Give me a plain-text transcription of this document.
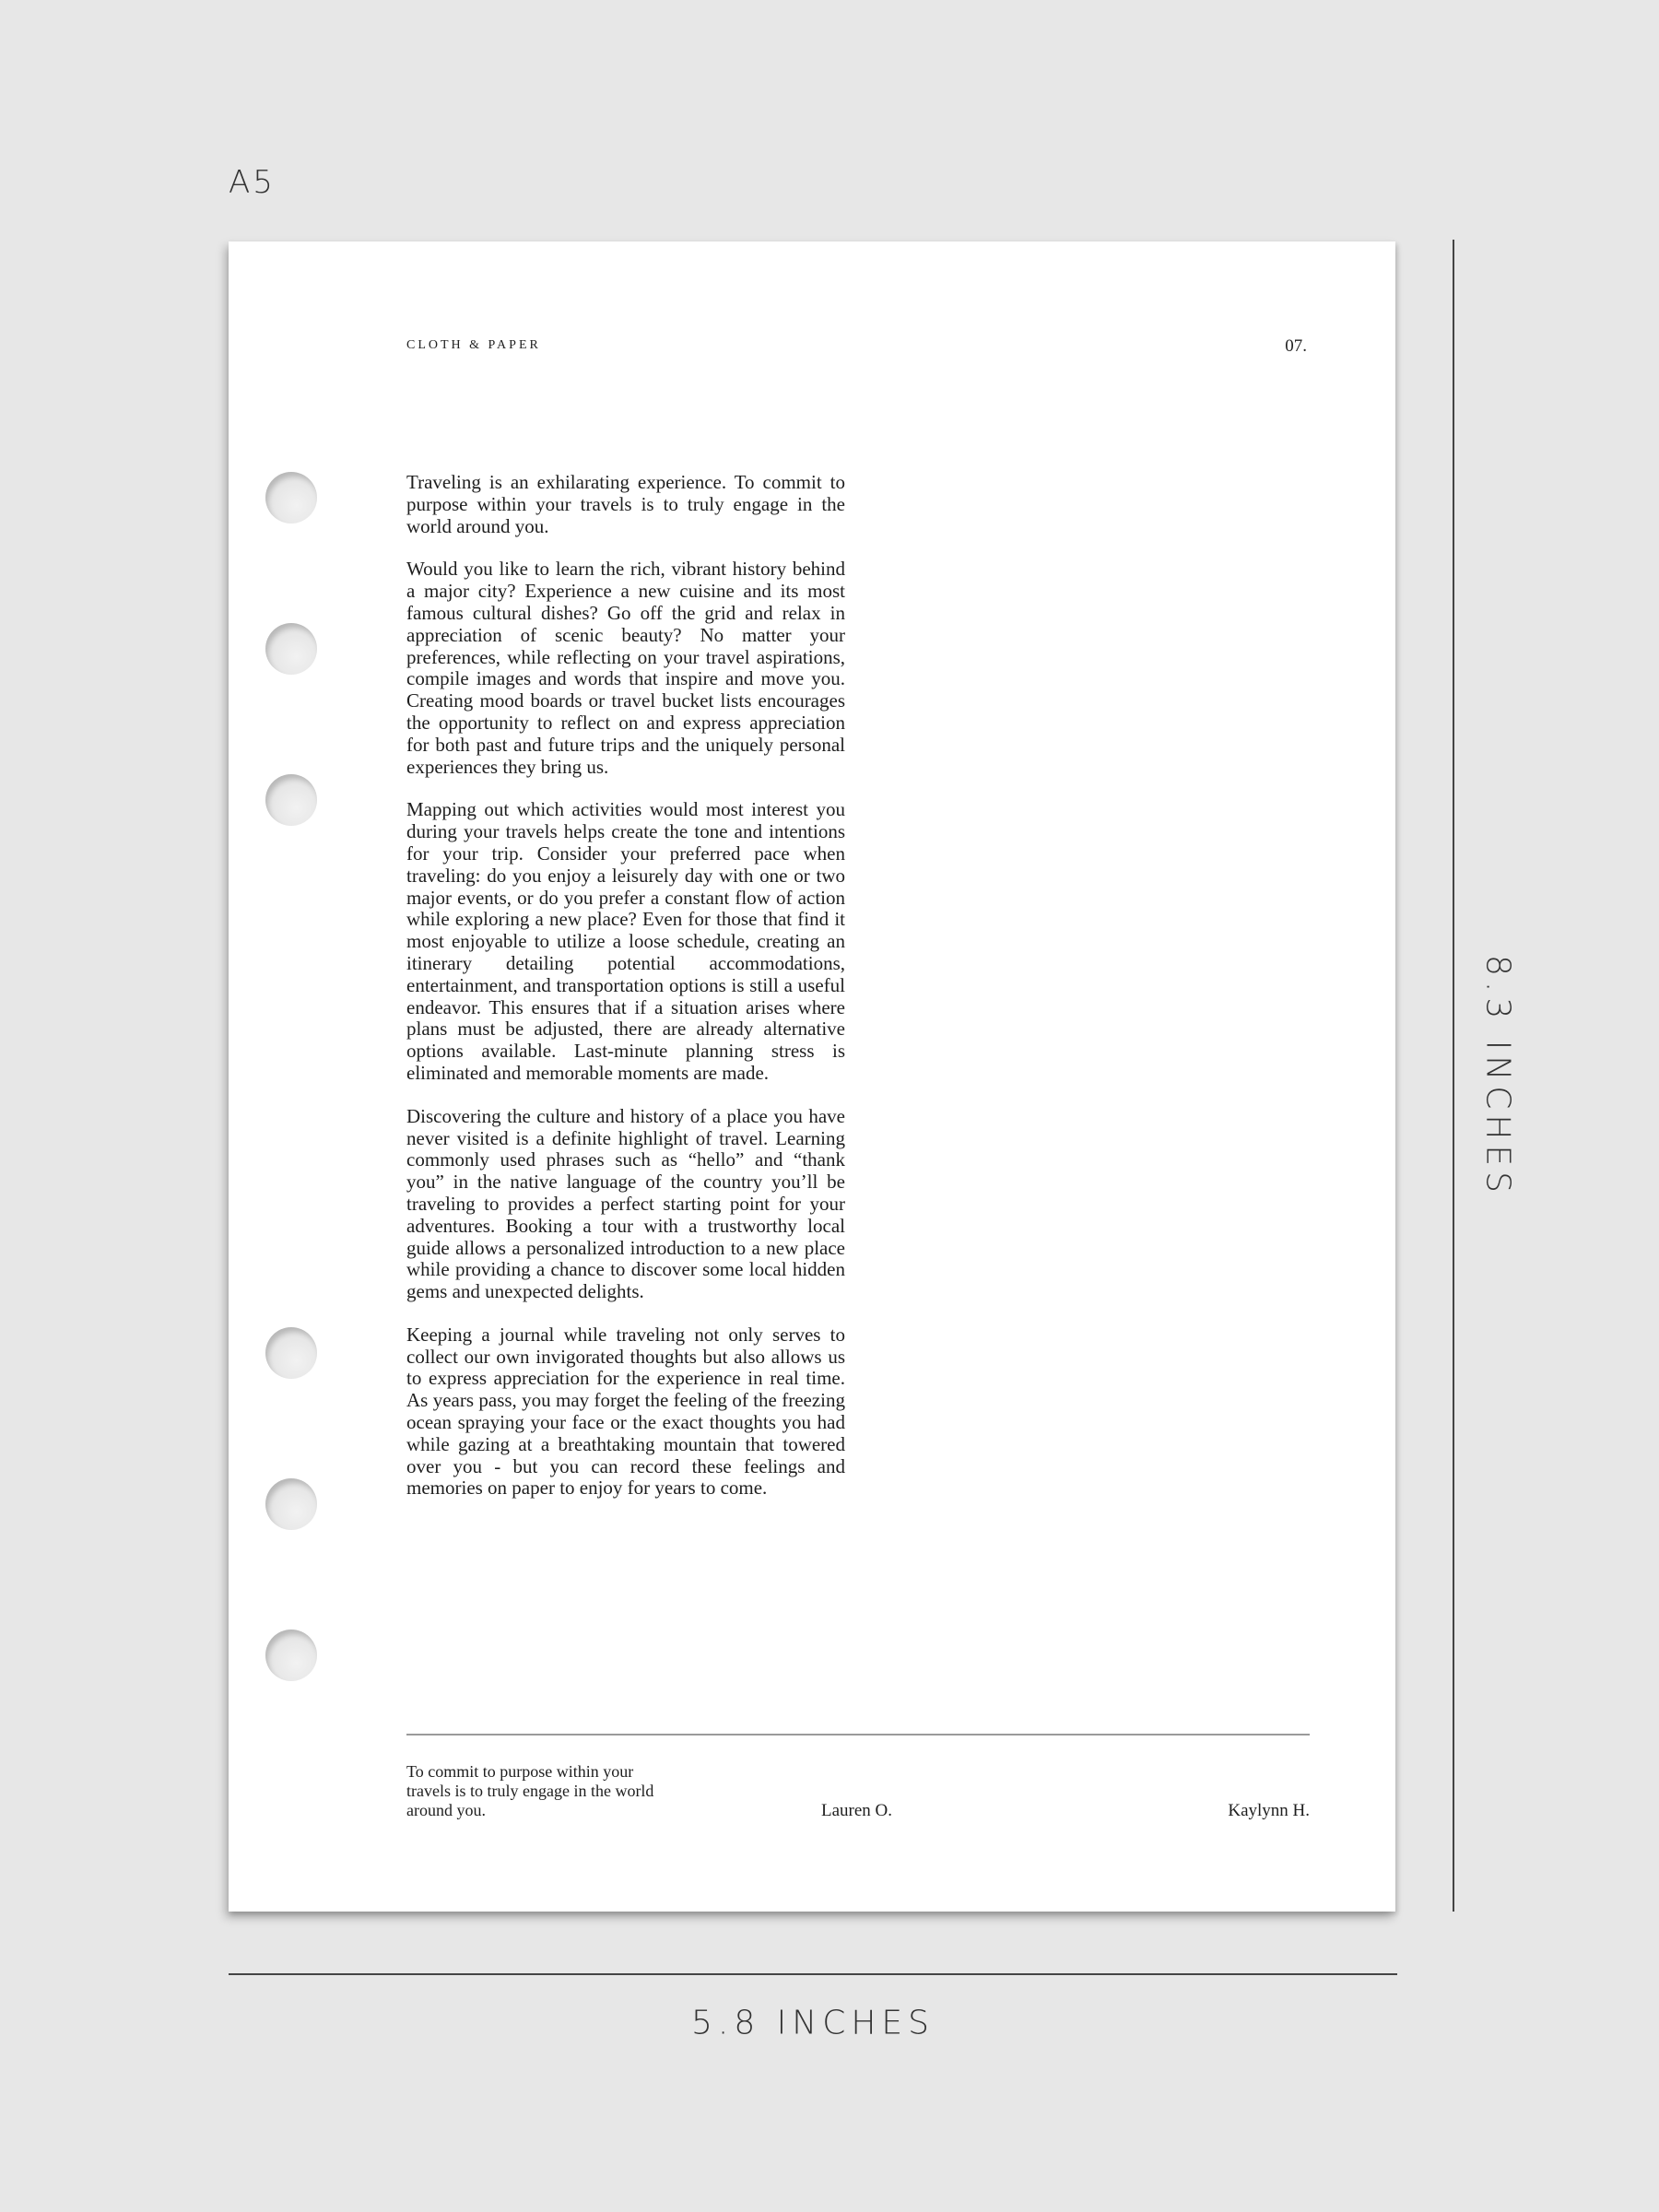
A5
CLOTH & PAPER	07.

Traveling is an exhilarating experience. To commit to purpose within your travels is to truly engage in the world around you.

Would you like to learn the rich, vibrant history behind a major city? Experience a new cuisine and its most famous cultural dishes? Go off the grid and relax in appreciation of scenic beauty? No matter your preferences, while reflecting on your travel aspirations, compile images and words that inspire and move you. Creating mood boards or travel bucket lists encourages the opportunity to reflect on and express appreciation for both past and future trips and the uniquely personal experiences they bring us.

Mapping out which activities would most interest you during your travels helps create the tone and intentions for your trip. Consider your preferred pace when traveling: do you enjoy a leisurely day with one or two major events, or do you prefer a constant flow of action while exploring a new place? Even for those that find it most enjoyable to utilize a loose schedule, creating an itinerary detailing potential accommodations, entertainment, and transportation options is still a useful endeavor. This ensures that if a situation arises where plans must be adjusted, there are already alternative options available. Last-minute planning stress is eliminated and memorable moments are made.

Discovering the culture and history of a place you have never visited is a definite highlight of travel. Learning commonly used phrases such as “hello” and “thank you” in the native language of the country you’ll be traveling to provides a perfect starting point for your adventures. Booking a tour with a trustworthy local guide allows a personalized introduction to a new place while providing a chance to discover some local hidden gems and unexpected delights.

Keeping a journal while traveling not only serves to collect our own invigorated thoughts but also allows us to express appreciation for the experience in real time. As years pass, you may forget the feeling of the freezing ocean spraying your face or the exact thoughts you had while gazing at a breathtaking mountain that towered over you - but you can record these feelings and memories on paper to enjoy for years to come.

To commit to purpose within your travels is to truly engage in the world around you.	Lauren O.	Kaylynn H.
8.3 INCHES
5.8 INCHES
